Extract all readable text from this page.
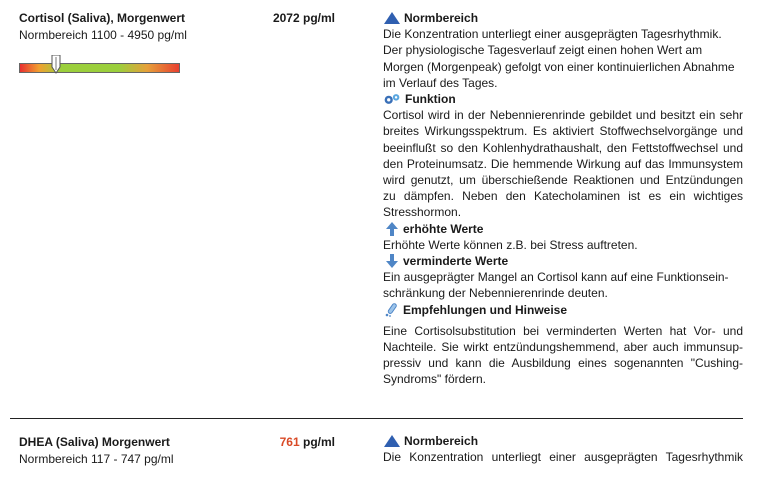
Cortisol (Saliva), Morgenwert
Normbereich 1100 - 4950 pg/ml
2072 pg/ml	Normbereich

Die Konzentration unterliegt einer ausgeprägten Tagesrhythmik.
Der physiologische Tagesverlauf zeigt einen hohen Wert am
Morgen (Morgenpeak) gefolgt von einer kontinuierlichen Abnahme
im Verlauf des Tages.

Funktion

Cortisol wird in der Nebennierenrinde gebildet und besitzt ein sehr breites Wirkungsspektrum. Es aktiviert Stoffwechselvorgänge und beeinflußt so den Kohlenhydrathaushalt, den Fettstoffwechsel und den Proteinumsatz. Die hemmende Wirkung auf das Immunsystem wird genutzt, um überschießende Reaktionen und Entzündungen zu dämpfen. Neben den Katecholaminen ist es ein wichtiges Stresshormon.

erhöhte Werte

Erhöhte Werte können z.B. bei Stress auftreten.

verminderte Werte

Ein ausgeprägter Mangel an Cortisol kann auf eine Funktionsein-
schränkung der Nebennierenrinde deuten.

Empfehlungen und Hinweise

Eine Cortisolsubstitution bei verminderten Werten hat Vor- und Nachteile. Sie wirkt entzündungshemmend, aber auch immunsup- pressiv und kann die Ausbildung eines sogenannten "Cushing-Syndroms" fördern.

DHEA (Saliva) Morgenwert
Normbereich 117 - 747 pg/ml
761 pg/ml	Normbereich

Die Konzentration unterliegt einer ausgeprägten Tagesrhythmik
